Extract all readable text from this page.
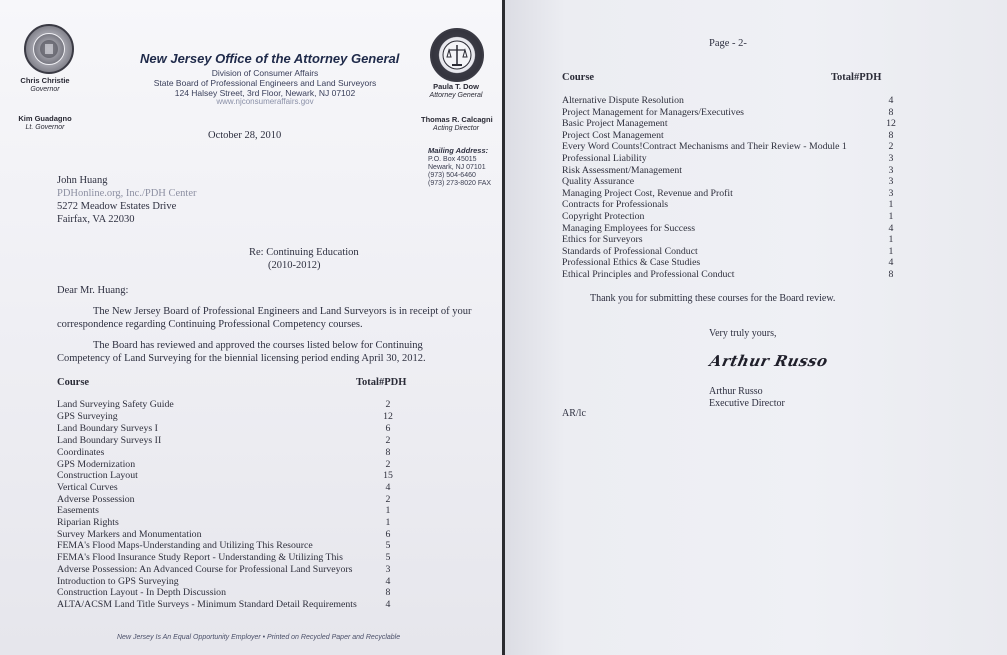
Chris Christie
Governor
Kim Guadagno
Lt. Governor
New Jersey Office of the Attorney General
Division of Consumer Affairs
State Board of Professional Engineers and Land Surveyors
124 Halsey Street, 3rd Floor, Newark, NJ 07102
www.njconsumeraffairs.gov
Paula T. Dow
Attorney General
Thomas R. Calcagni
Acting Director
Mailing Address:
P.O. Box 45015
Newark, NJ 07101
(973) 504-6460
(973) 273-8020 FAX
October 28, 2010
John Huang
PDHonline.org, Inc./PDH Center
5272 Meadow Estates Drive
Fairfax, VA 22030
Re: Continuing Education
(2010-2012)
Dear Mr. Huang:
The New Jersey Board of Professional Engineers and Land Surveyors is in receipt of your
correspondence regarding Continuing Professional Competency courses.
The Board has reviewed and approved the courses listed below for Continuing
Competency of Land Surveying for the biennial licensing period ending April 30, 2012.
Course	Total#PDH
Land Surveying Safety Guide	2
GPS Surveying	12
Land Boundary Surveys I	6
Land Boundary Surveys II	2
Coordinates	8
GPS Modernization	2
Construction Layout	15
Vertical Curves	4
Adverse Possession	2
Easements	1
Riparian Rights	1
Survey Markers and Monumentation	6
FEMA's Flood Maps-Understanding and Utilizing This Resource	5
FEMA's Flood Insurance Study Report - Understanding & Utilizing This	5
Adverse Possession: An Advanced Course for Professional Land Surveyors	3
Introduction to GPS Surveying	4
Construction Layout - In Depth Discussion	8
ALTA/ACSM Land Title Surveys - Minimum Standard Detail Requirements	4
New Jersey Is An Equal Opportunity Employer • Printed on Recycled Paper and Recyclable
Page - 2-
Course	Total#PDH
Alternative Dispute Resolution	4
Project Management for Managers/Executives	8
Basic Project Management	12
Project Cost Management	8
Every Word Counts!Contract Mechanisms and Their Review - Module 1	2
Professional Liability	3
Risk Assessment/Management	3
Quality Assurance	3
Managing Project Cost, Revenue and Profit	3
Contracts for Professionals	1
Copyright Protection	1
Managing Employees for Success	4
Ethics for Surveyors	1
Standards of Professional Conduct	1
Professional Ethics & Case Studies	4
Ethical Principles and Professional Conduct	8
Thank you for submitting these courses for the Board review.
Very truly yours,
Arthur Russo
Arthur Russo
Executive Director
AR/lc
